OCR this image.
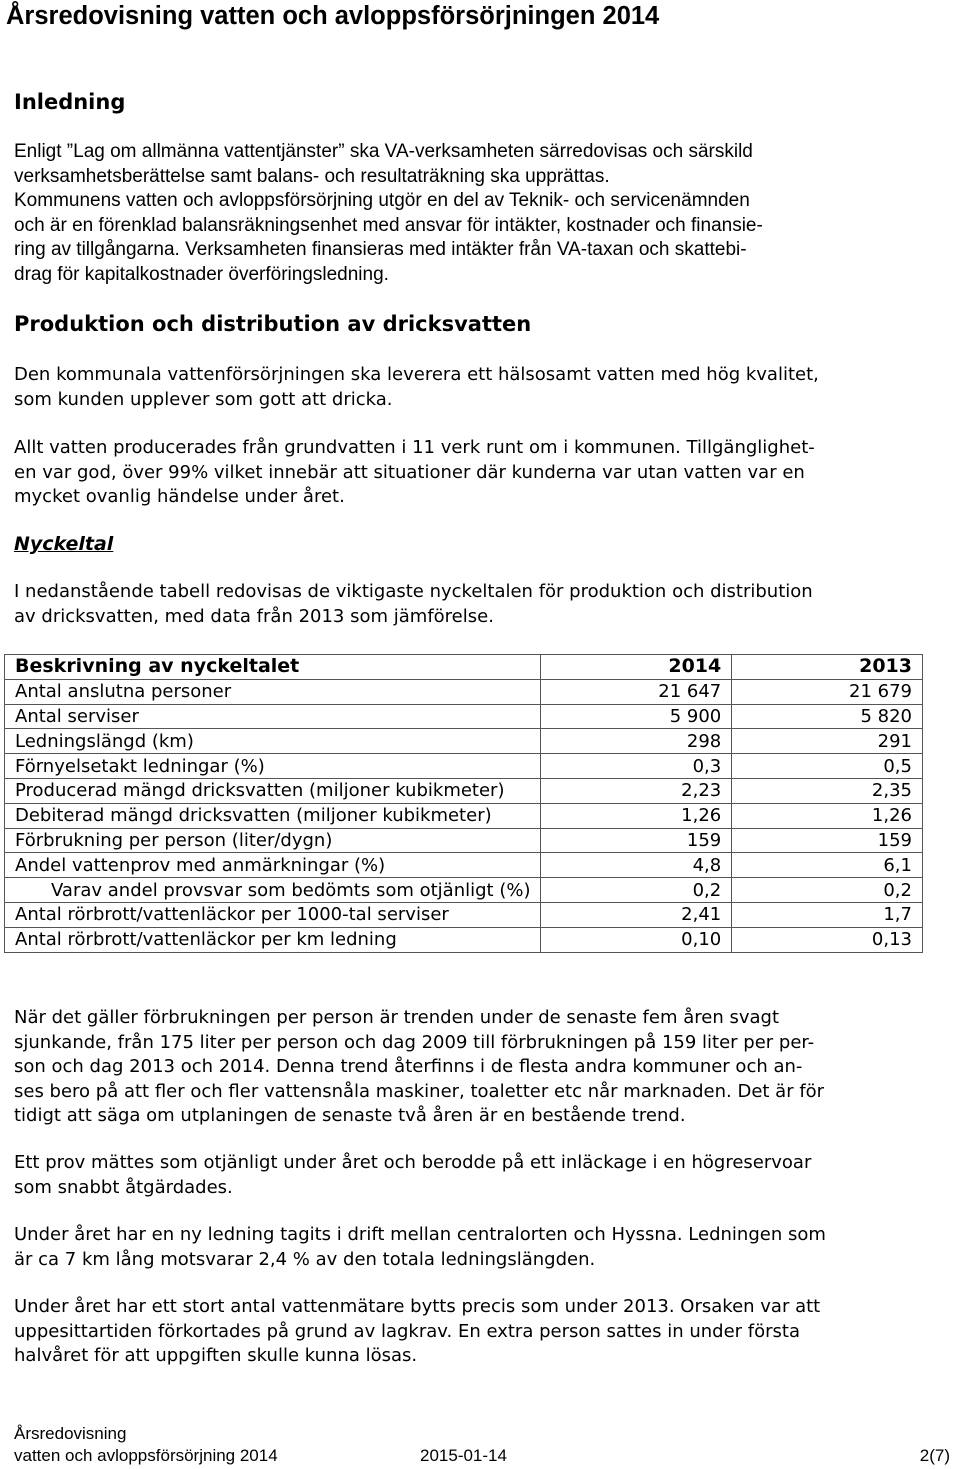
Årsredovisning vatten och avloppsförsörjningen 2014
Inledning
Enligt ”Lag om allmänna vattentjänster” ska VA-verksamheten särredovisas och särskild
verksamhetsberättelse samt balans- och resultaträkning ska upprättas.
Kommunens vatten och avloppsförsörjning utgör en del av Teknik- och servicenämnden
och är en förenklad balansräkningsenhet med ansvar för intäkter, kostnader och finansie-
ring av tillgångarna. Verksamheten finansieras med intäkter från VA-taxan och skattebi-
drag för kapitalkostnader överföringsledning.
Produktion och distribution av dricksvatten
Den kommunala vattenförsörjningen ska leverera ett hälsosamt vatten med hög kvalitet,
som kunden upplever som gott att dricka.
Allt vatten producerades från grundvatten i 11 verk runt om i kommunen. Tillgänglighet-
en var god, över 99% vilket innebär att situationer där kunderna var utan vatten var en
mycket ovanlig händelse under året.
Nyckeltal
I nedanstående tabell redovisas de viktigaste nyckeltalen för produktion och distribution
av dricksvatten, med data från 2013 som jämförelse.
Beskrivning av nyckeltalet	2014	2013
Antal anslutna personer	21 647	21 679
Antal serviser	5 900	5 820
Ledningslängd (km)	298	291
Förnyelsetakt ledningar (%)	0,3	0,5
Producerad mängd dricksvatten (miljoner kubikmeter)	2,23	2,35
Debiterad mängd dricksvatten (miljoner kubikmeter)	1,26	1,26
Förbrukning per person (liter/dygn)	159	159
Andel vattenprov med anmärkningar (%)	4,8	6,1
Varav andel provsvar som bedömts som otjänligt (%)	0,2	0,2
Antal rörbrott/vattenläckor per 1000-tal serviser	2,41	1,7
Antal rörbrott/vattenläckor per km ledning	0,10	0,13
När det gäller förbrukningen per person är trenden under de senaste fem åren svagt
sjunkande, från 175 liter per person och dag 2009 till förbrukningen på 159 liter per per-
son och dag 2013 och 2014. Denna trend återfinns i de flesta andra kommuner och an-
ses bero på att fler och fler vattensnåla maskiner, toaletter etc når marknaden. Det är för
tidigt att säga om utplaningen de senaste två åren är en bestående trend.
Ett prov mättes som otjänligt under året och berodde på ett inläckage i en högreservoar
som snabbt åtgärdades.
Under året har en ny ledning tagits i drift mellan centralorten och Hyssna. Ledningen som
är ca 7 km lång motsvarar 2,4 % av den totala ledningslängden.
Under året har ett stort antal vattenmätare bytts precis som under 2013. Orsaken var att
uppesittartiden förkortades på grund av lagkrav. En extra person sattes in under första
halvåret för att uppgiften skulle kunna lösas.
Årsredovisning
vatten och avloppsförsörjning 2014	2015-01-14	2(7)
